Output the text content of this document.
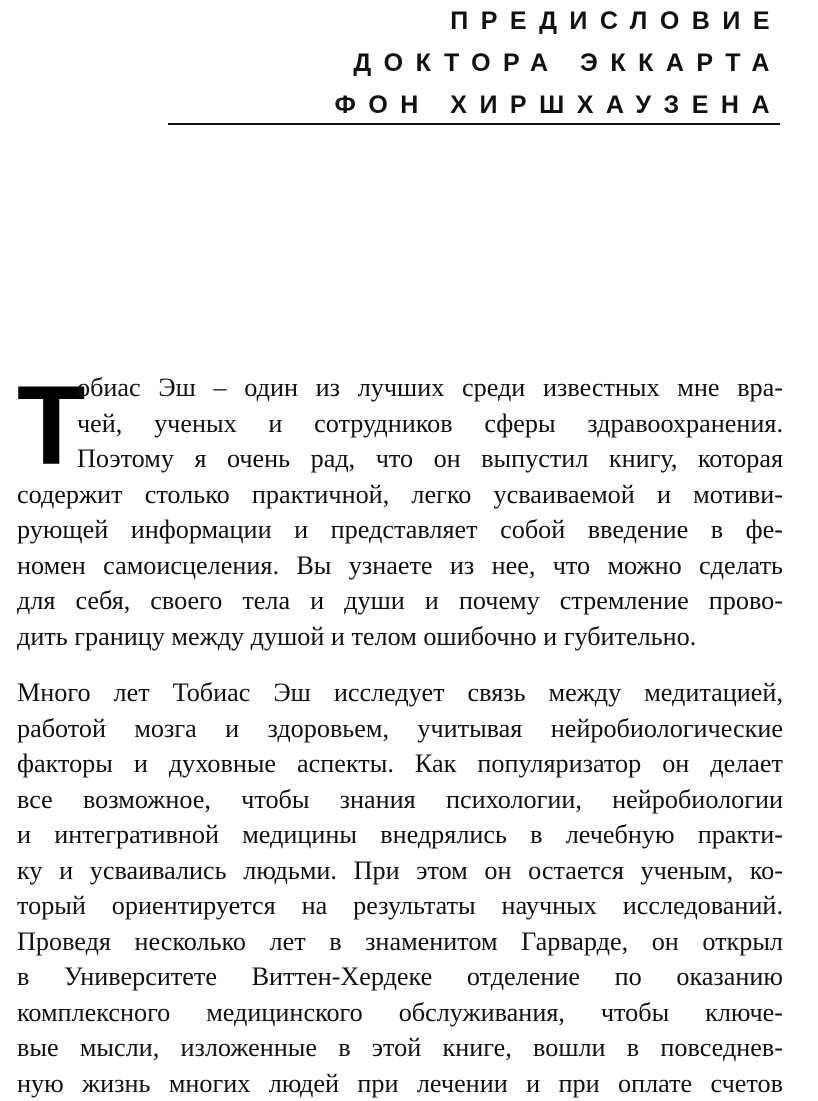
ПРЕДИСЛОВИЕ
ДОКТОРА ЭККАРТА
ФОН ХИРШХАУЗЕНА
Т
обиас Эш – один из лучших среди известных мне вра-
чей, ученых и сотрудников сферы здравоохранения.
Поэтому я очень рад, что он выпустил книгу, которая
содержит столько практичной, легко усваиваемой и мотиви-
рующей информации и представляет собой введение в фе-
номен самоисцеления. Вы узнаете из нее, что можно сделать
для себя, своего тела и души и почему стремление прово-
дить границу между душой и телом ошибочно и губительно.
Много лет Тобиас Эш исследует связь между медитацией,
работой мозга и здоровьем, учитывая нейробиологические
факторы и духовные аспекты. Как популяризатор он делает
все возможное, чтобы знания психологии, нейробиологии
и интегративной медицины внедрялись в лечебную практи-
ку и усваивались людьми. При этом он остается ученым, ко-
торый ориентируется на результаты научных исследований.
Проведя несколько лет в знаменитом Гарварде, он открыл
в Университете Виттен-Хердеке отделение по оказанию
комплексного медицинского обслуживания, чтобы ключе-
вые мысли, изложенные в этой книге, вошли в повседнев-
ную жизнь многих людей при лечении и при оплате счетов
